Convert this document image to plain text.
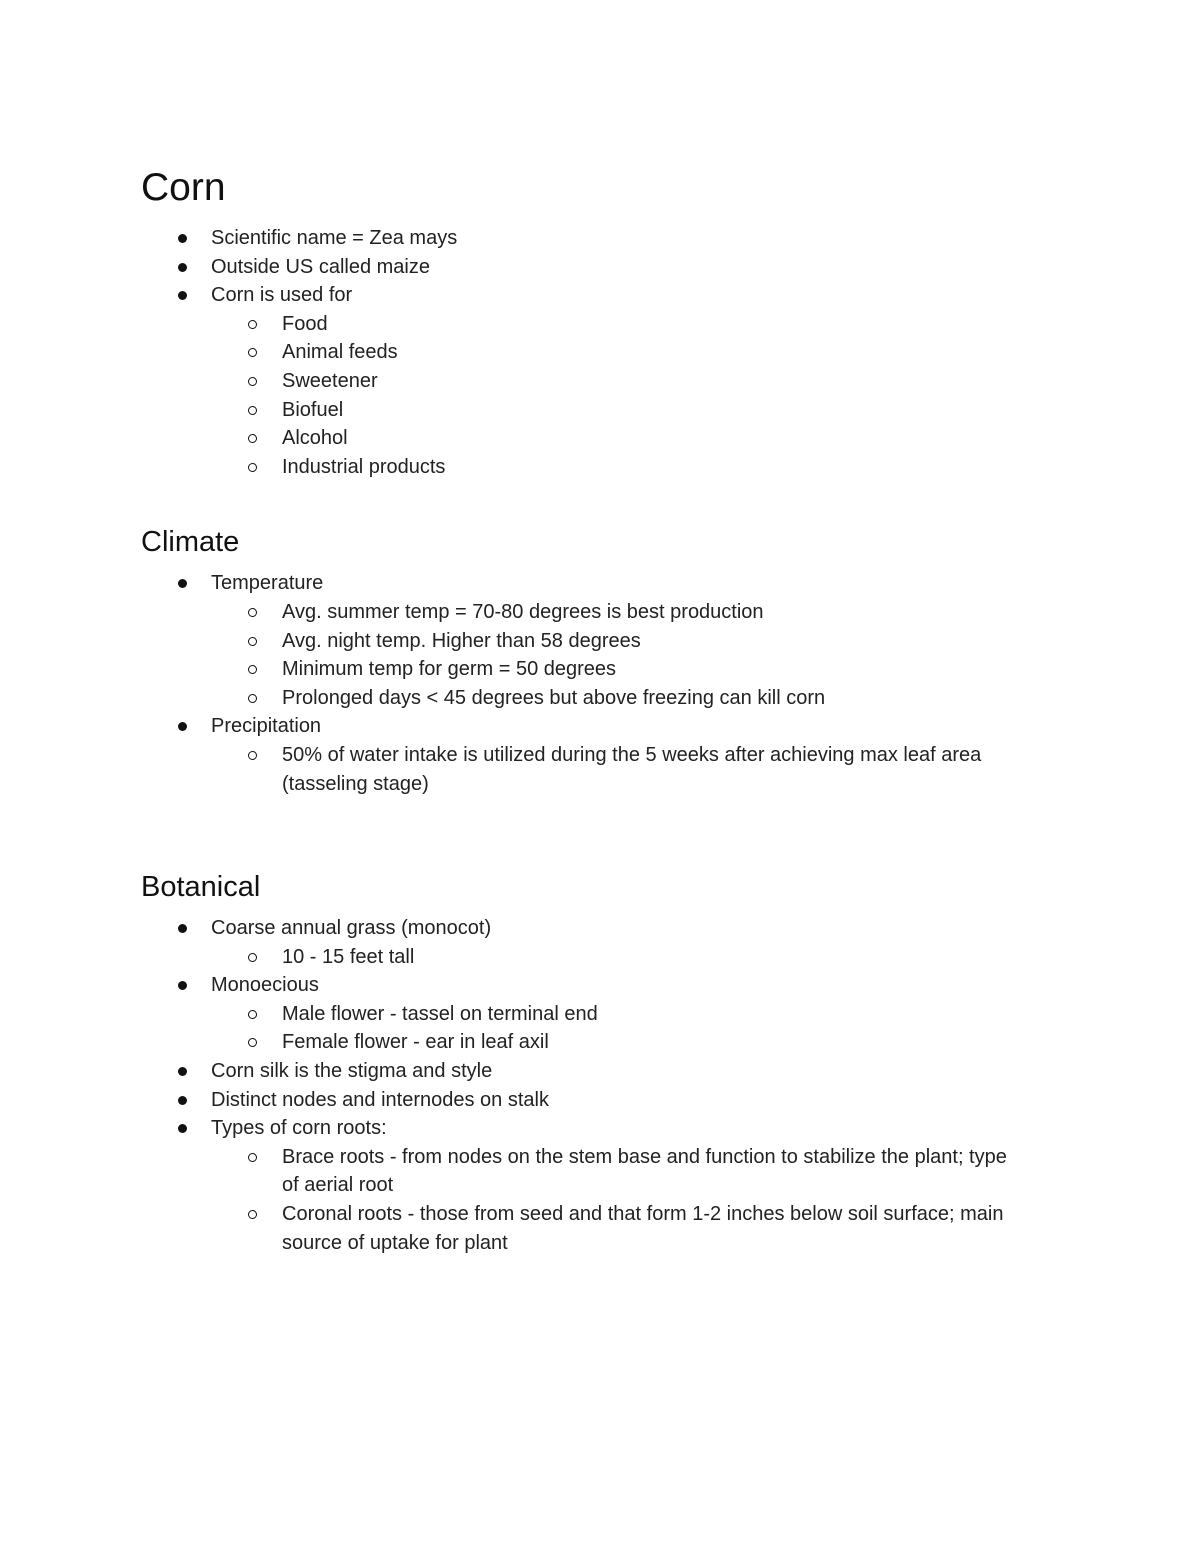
Corn
Scientific name = Zea mays
Outside US called maize
Corn is used for
Food
Animal feeds
Sweetener
Biofuel
Alcohol
Industrial products
Climate
Temperature
Avg. summer temp = 70-80 degrees is best production
Avg. night temp. Higher than 58 degrees
Minimum temp for germ = 50 degrees
Prolonged days < 45 degrees but above freezing can kill corn
Precipitation
50% of water intake is utilized during the 5 weeks after achieving max leaf area (tasseling stage)
Botanical
Coarse annual grass (monocot)
10 - 15 feet tall
Monoecious
Male flower - tassel on terminal end
Female flower - ear in leaf axil
Corn silk is the stigma and style
Distinct nodes and internodes on stalk
Types of corn roots:
Brace roots - from nodes on the stem base and function to stabilize the plant; type of aerial root
Coronal roots - those from seed and that form 1-2 inches below soil surface; main source of uptake for plant
